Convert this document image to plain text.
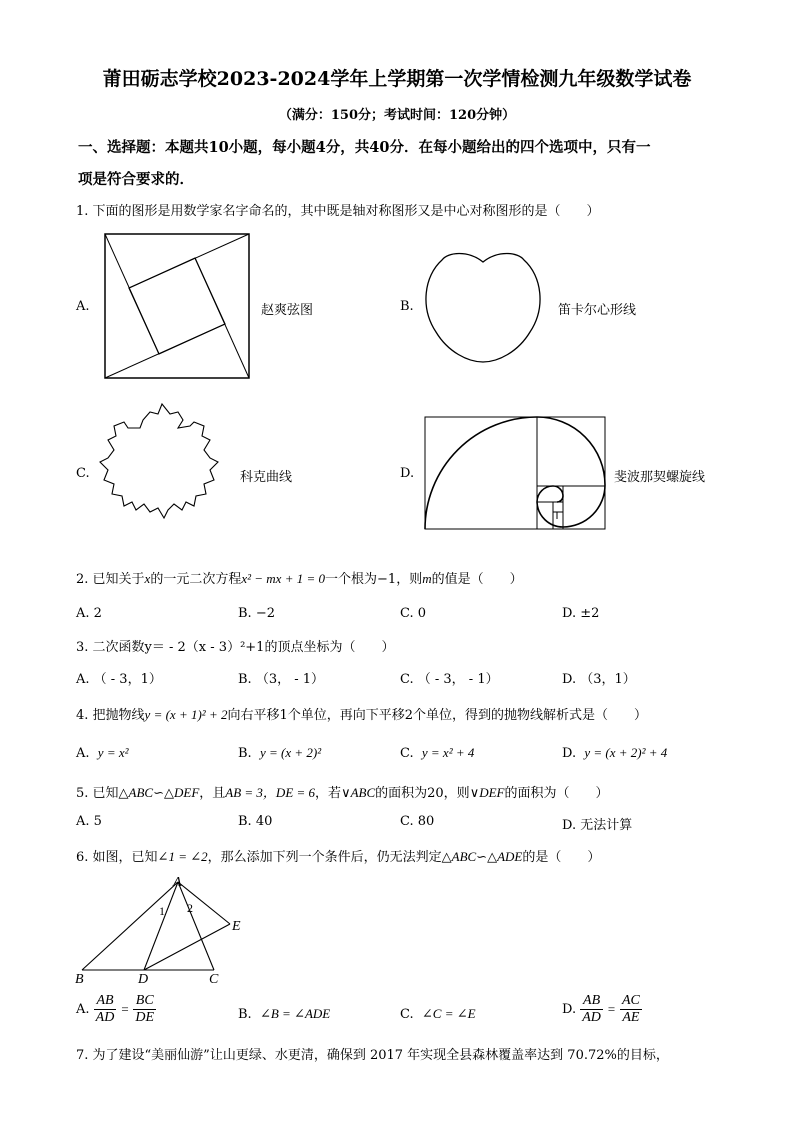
莆田砺志学校2023-2024学年上学期第一次学情检测九年级数学试卷
（满分：150分；考试时间：120分钟）
一、选择题：本题共10小题，每小题4分，共40分．在每小题给出的四个选项中，只有一
项是符合要求的．
1. 下面的图形是用数学家名字命名的，其中既是轴对称图形又是中心对称图形的是（　　）
A.	赵爽弦图	B.	笛卡尔心形线
C.	科克曲线	D.	斐波那契螺旋线
2. 已知关于x的一元二次方程x² − mx + 1 = 0一个根为−1，则m的值是（　　）
A. 2	B. −2	C. 0	D. ±2
3. 二次函数y＝ - 2（x - 3）²+1的顶点坐标为（　　）
A. （ - 3，1）	B. （3， - 1）	C. （ - 3， - 1）	D. （3，1）
4. 把抛物线y = (x + 1)² + 2向右平移1个单位，再向下平移2个单位，得到的抛物线解析式是（　　）
A. y = x²	B. y = (x + 2)²	C. y = x² + 4	D. y = (x + 2)² + 4
5. 已知△ABC∽△DEF，且AB = 3，DE = 6，若∨ABC的面积为20，则∨DEF的面积为（　　）
A. 5	B. 40	C. 80	D. 无法计算
6. 如图，已知∠1 = ∠2，那么添加下列一个条件后，仍无法判定△ABC∽△ADE的是（　　）
A
B	C
D
E
1 2
A. $\frac{AB}{AD} = \frac{BC}{DE}$	B. ∠B = ∠ADE	C. ∠C = ∠E	D. $\frac{AB}{AD} = \frac{AC}{AE}$
7. 为了建设“美丽仙游”让山更绿、水更清，确保到 2017 年实现全县森林覆盖率达到 70.72%的目标，
